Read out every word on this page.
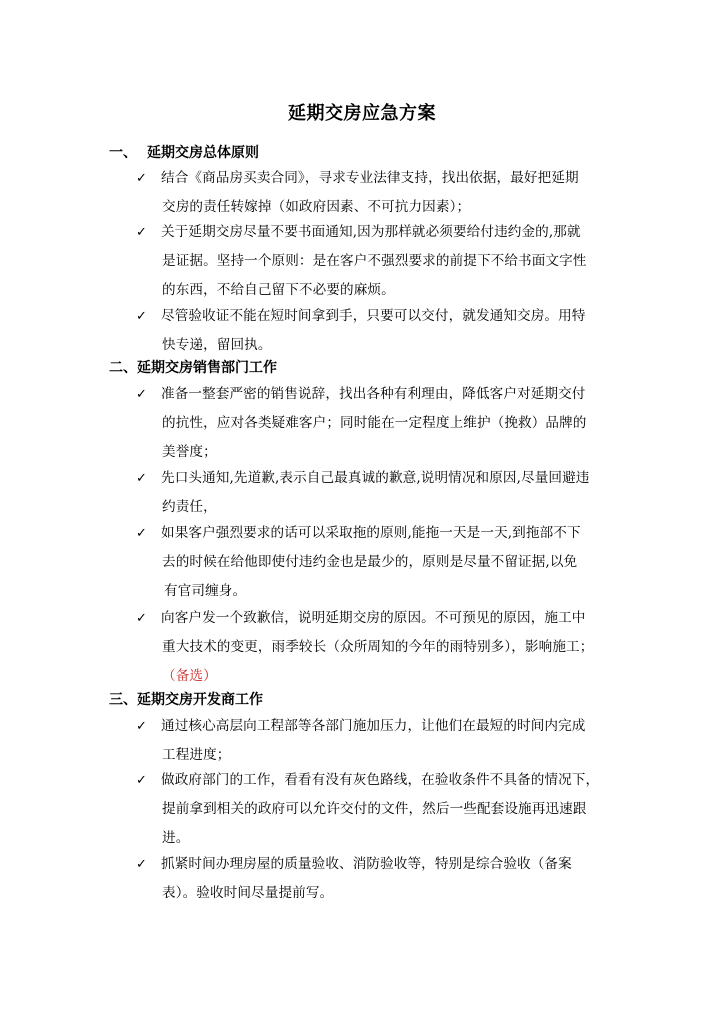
延期交房应急方案
一、 延期交房总体原则
✓	结合《商品房买卖合同》，寻求专业法律支持，找出依据，最好把延期
交房的责任转嫁掉（如政府因素、不可抗力因素）；
✓	关于延期交房尽量不要书面通知,因为那样就必须要给付违约金的,那就
是证据。坚持一个原则：是在客户不强烈要求的前提下不给书面文字性
的东西，不给自己留下不必要的麻烦。
✓	尽管验收证不能在短时间拿到手，只要可以交付，就发通知交房。用特
快专递，留回执。
二、延期交房销售部门工作
✓	准备一整套严密的销售说辞，找出各种有利理由，降低客户对延期交付
的抗性，应对各类疑难客户；同时能在一定程度上维护（挽救）品牌的
美誉度；
✓	先口头通知,先道歉,表示自己最真诚的歉意,说明情况和原因,尽量回避违
约责任，
✓	如果客户强烈要求的话可以采取拖的原则,能拖一天是一天,到拖部不下
去的时候在给他即使付违约金也是最少的，原则是尽量不留证据,以免
有官司缠身。
✓	向客户发一个致歉信，说明延期交房的原因。不可预见的原因，施工中
重大技术的变更，雨季较长（众所周知的今年的雨特别多），影响施工；
（备选）
三、延期交房开发商工作
✓	通过核心高层向工程部等各部门施加压力，让他们在最短的时间内完成
工程进度；
✓	做政府部门的工作，看看有没有灰色路线，在验收条件不具备的情况下，
提前拿到相关的政府可以允许交付的文件，然后一些配套设施再迅速跟
进。
✓	抓紧时间办理房屋的质量验收、消防验收等，特别是综合验收（备案
表）。验收时间尽量提前写。
